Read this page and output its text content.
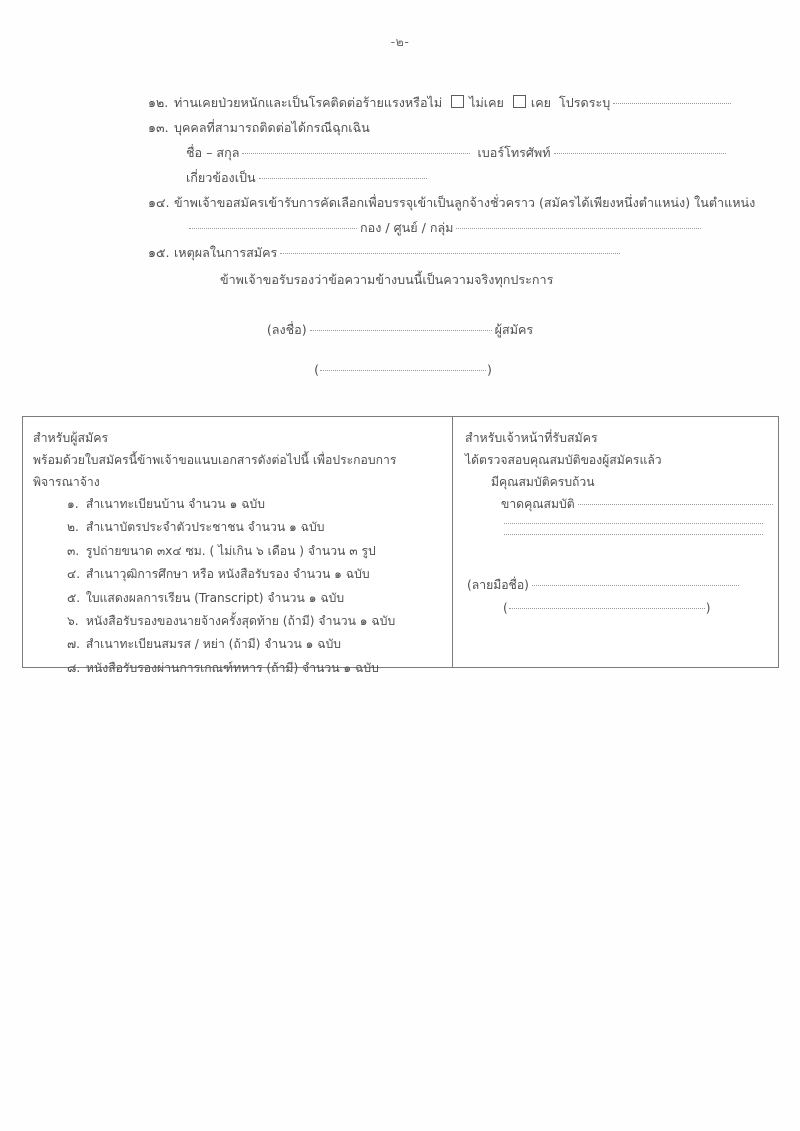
-๒-
๑๒. ท่านเคยป่วยหนักและเป็นโรคติดต่อร้ายแรงหรือไม่ ไม่เคย เคย โปรดระบุ
๑๓. บุคคลที่สามารถติดต่อได้กรณีฉุกเฉิน
ชื่อ – สกุล	เบอร์โทรศัพท์
เกี่ยวข้องเป็น
๑๔. ข้าพเจ้าขอสมัครเข้ารับการคัดเลือกเพื่อบรรจุเข้าเป็นลูกจ้างชั่วคราว (สมัครได้เพียงหนึ่งตำแหน่ง) ในตำแหน่ง
กอง / ศูนย์ / กลุ่ม
๑๕. เหตุผลในการสมัคร
ข้าพเจ้าขอรับรองว่าข้อความข้างบนนี้เป็นความจริงทุกประการ
(ลงชื่อ)	ผู้สมัคร
(	)
สำหรับผู้สมัคร
พร้อมด้วยใบสมัครนี้ข้าพเจ้าขอแนบเอกสารดังต่อไปนี้ เพื่อประกอบการพิจารณาจ้าง
๑. สำเนาทะเบียนบ้าน จำนวน ๑ ฉบับ
๒. สำเนาบัตรประจำตัวประชาชน จำนวน ๑ ฉบับ
๓. รูปถ่ายขนาด ๓x๔ ซม. ( ไม่เกิน ๖ เดือน ) จำนวน ๓ รูป
๔. สำเนาวุฒิการศึกษา หรือ หนังสือรับรอง จำนวน ๑ ฉบับ
๕. ใบแสดงผลการเรียน (Transcript) จำนวน ๑ ฉบับ
๖. หนังสือรับรองของนายจ้างครั้งสุดท้าย (ถ้ามี) จำนวน ๑ ฉบับ
๗. สำเนาทะเบียนสมรส / หย่า (ถ้ามี) จำนวน ๑ ฉบับ
๘. หนังสือรับรองผ่านการเกณฑ์ทหาร (ถ้ามี) จำนวน ๑ ฉบับ
สำหรับเจ้าหน้าที่รับสมัคร
ได้ตรวจสอบคุณสมบัติของผู้สมัครแล้ว
มีคุณสมบัติครบถ้วน
ขาดคุณสมบัติ
(ลายมือชื่อ)
(	)
